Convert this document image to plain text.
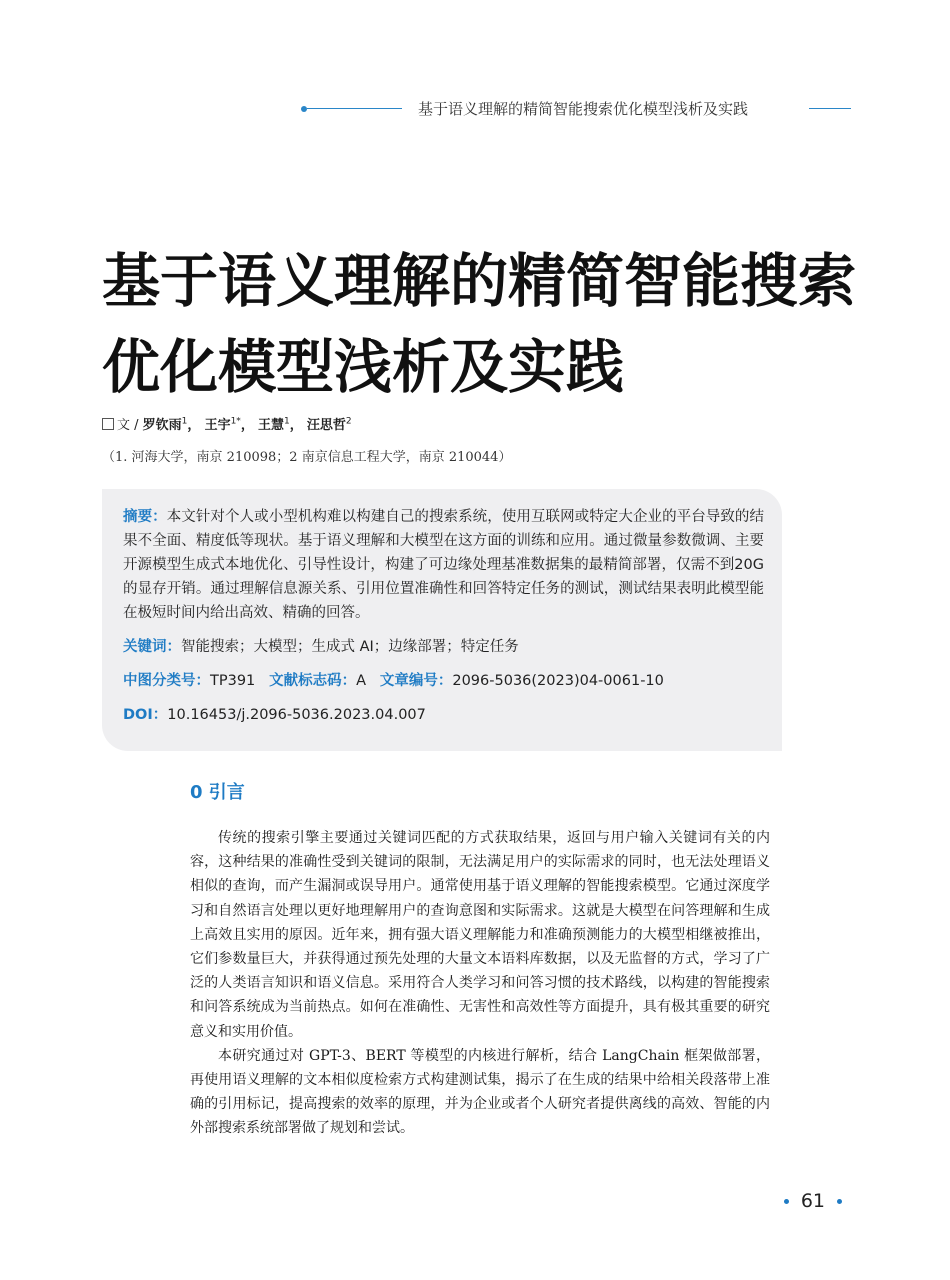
基于语义理解的精简智能搜索优化模型浅析及实践
基于语义理解的精简智能搜索
优化模型浅析及实践
文 / 罗钦雨$^1$， 王宇$^{1*}$， 王慧$^1$， 汪思哲$^2$
（1. 河海大学，南京 210098；2 南京信息工程大学，南京 210044）

摘要：本文针对个人或小型机构难以构建自己的搜索系统，使用互联网或特定大企业的平台导致的结果不全面、精度低等现状。基于语义理解和大模型在这方面的训练和应用。通过微量参数微调、主要开源模型生成式本地优化、引导性设计，构建了可边缘处理基准数据集的最精简部署，仅需不到20G的显存开销。通过理解信息源关系、引用位置准确性和回答特定任务的测试，测试结果表明此模型能在极短时间内给出高效、精确的回答。

关键词：智能搜索；大模型；生成式 AI；边缘部署；特定任务

中图分类号：TP391 文献标志码：A 文章编号：2096-5036(2023)04-0061-10

DOI：10.16453/j.2096-5036.2023.04.007

0 引言

传统的搜索引擎主要通过关键词匹配的方式获取结果，返回与用户输入关键词有关的内容，这种结果的准确性受到关键词的限制，无法满足用户的实际需求的同时，也无法处理语义相似的查询，而产生漏洞或误导用户。通常使用基于语义理解的智能搜索模型。它通过深度学习和自然语言处理以更好地理解用户的查询意图和实际需求。这就是大模型在问答理解和生成上高效且实用的原因。近年来，拥有强大语义理解能力和准确预测能力的大模型相继被推出，它们参数量巨大，并获得通过预先处理的大量文本语料库数据，以及无监督的方式，学习了广泛的人类语言知识和语义信息。采用符合人类学习和问答习惯的技术路线，以构建的智能搜索和问答系统成为当前热点。如何在准确性、无害性和高效性等方面提升，具有极其重要的研究意义和实用价值。

本研究通过对 GPT-3、BERT 等模型的内核进行解析，结合 LangChain 框架做部署，再使用语义理解的文本相似度检索方式构建测试集，揭示了在生成的结果中给相关段落带上准确的引用标记，提高搜索的效率的原理，并为企业或者个人研究者提供离线的高效、智能的内外部搜索系统部署做了规划和尝试。

61
